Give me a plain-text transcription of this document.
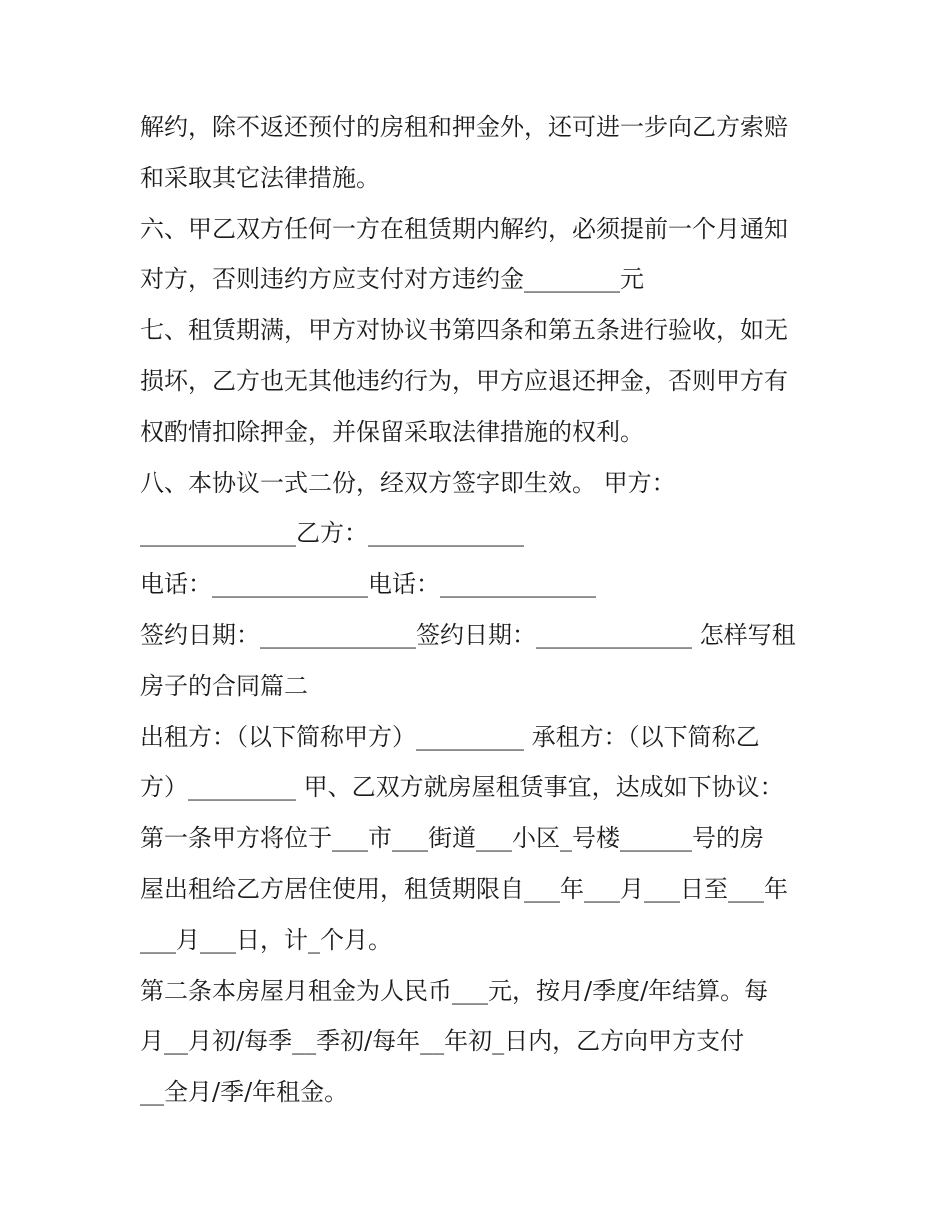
解约，除不返还预付的房租和押金外，还可进一步向乙方索赔
和采取其它法律措施。
六、甲乙双方任何一方在租赁期内解约，必须提前一个月通知
对方，否则违约方应支付对方违约金________元
七、租赁期满，甲方对协议书第四条和第五条进行验收，如无
损坏，乙方也无其他违约行为，甲方应退还押金，否则甲方有
权酌情扣除押金，并保留采取法律措施的权利。
八、本协议一式二份，经双方签字即生效。 甲方：
_____________乙方：_____________
电话：_____________电话：_____________
签约日期：_____________签约日期：_____________ 怎样写租
房子的合同篇二
出租方：（以下简称甲方）_________ 承租方：（以下简称乙
方）_________ 甲、乙双方就房屋租赁事宜，达成如下协议：
第一条甲方将位于___市___街道___小区_号楼______号的房
屋出租给乙方居住使用，租赁期限自___年___月___日至___年
___月___日，计_个月。
第二条本房屋月租金为人民币___元，按月/季度/年结算。每
月__月初/每季__季初/每年__年初_日内，乙方向甲方支付
__全月/季/年租金。
